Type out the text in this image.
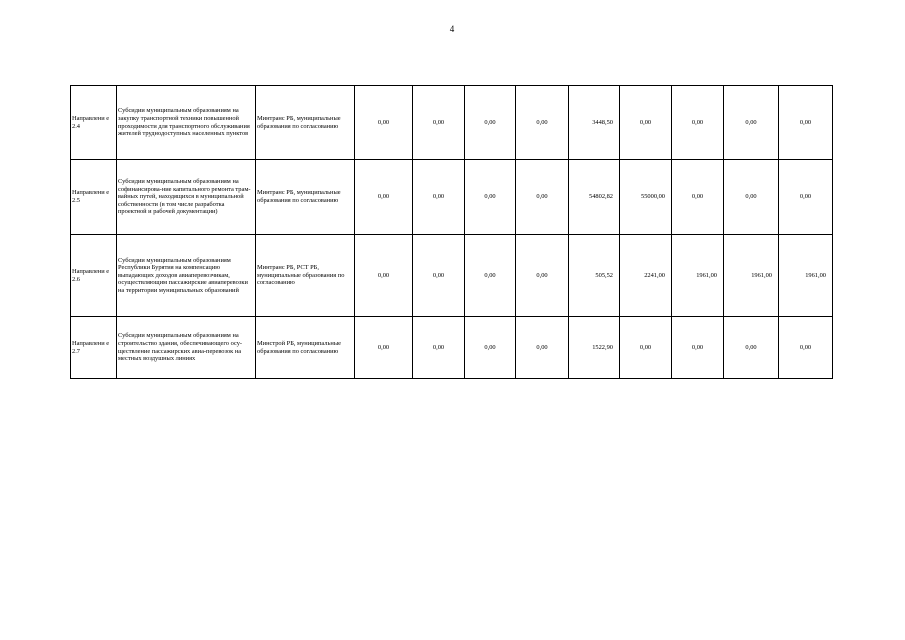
4
Направлени е 2.4	Субсидии муниципальным образованиям на закупку транспортной техники повышенной проходимости для транспортного обслуживания жителей труднодоступных населенных пунктов	Минтранс РБ, муниципальные образования по согласованию	0,00	0,00	0,00	0,00	3448,50	0,00	0,00	0,00	0,00
Направлени е 2.5	Субсидии муниципальным образованиям на софинансирова-ние капитального ремонта трам-вайных путей, находящихся в муниципальной собственности (в том числе разработка проектной и рабочей документации)	Минтранс РБ, муниципальные образования по согласованию	0,00	0,00	0,00	0,00	54802,82	55000,00	0,00	0,00	0,00
Направлени е 2.6	Субсидии муниципальным образованиям Республики Бурятия на компенсацию выпадающих доходов авиаперевозчикам, осуществляющим пассажирские авиаперевозки на территории муниципальных образований	Минтранс РБ, РСТ РБ, муниципальные образования по согласованию	0,00	0,00	0,00	0,00	505,52	2241,00	1961,00	1961,00	1961,00
Направлени е 2.7	Субсидии муниципальным образованиям на строительство здания, обеспечивающего осу-ществление пассажирских авиа-перевозок на местных воздушных линиях	Минстрой РБ, муниципальные образования по согласованию	0,00	0,00	0,00	0,00	1522,90	0,00	0,00	0,00	0,00
